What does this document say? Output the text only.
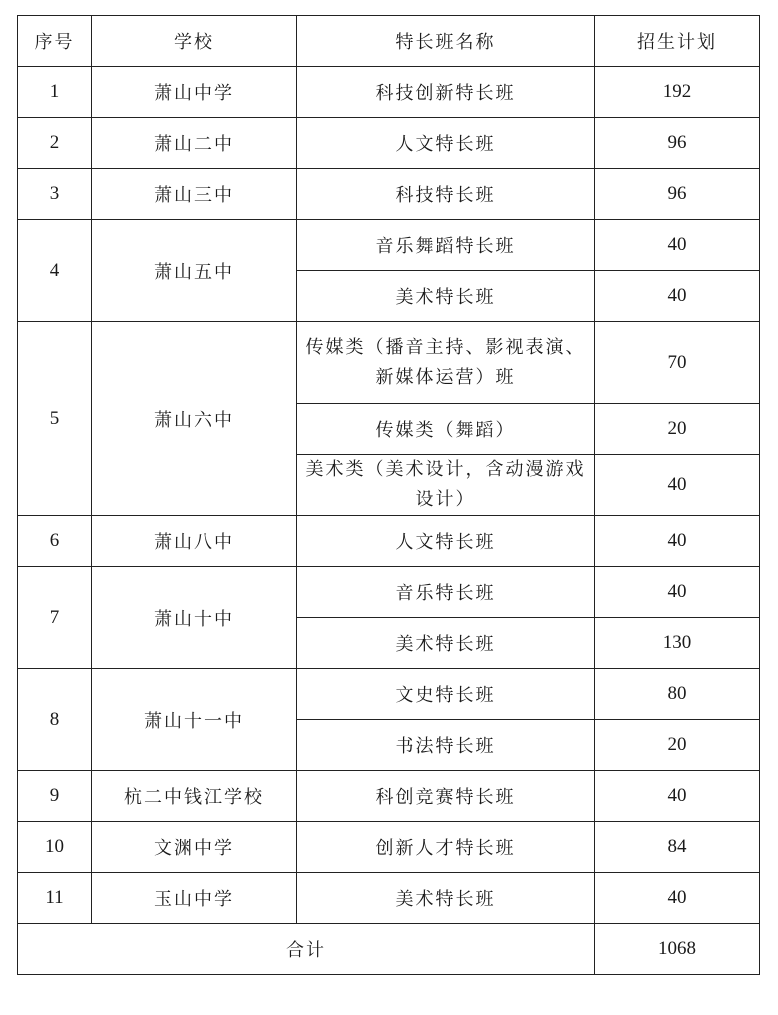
序号	学校	特长班名称	招生计划
1	萧山中学	科技创新特长班	192
2	萧山二中	人文特长班	96
3	萧山三中	科技特长班	96
4	萧山五中	音乐舞蹈特长班	40
		美术特长班	40
5	萧山六中	传媒类（播音主持、影视表演、新媒体运营）班	70
		传媒类（舞蹈）	20

		美术类（美术设计，含动漫游戏设计）	40
6	萧山八中	人文特长班	40
7	萧山十中	音乐特长班	40
		美术特长班	130
8	萧山十一中	文史特长班	80
		书法特长班	20
9	杭二中钱江学校	科创竞赛特长班	40
10	文渊中学	创新人才特长班	84
11	玉山中学	美术特长班	40
合计			1068
